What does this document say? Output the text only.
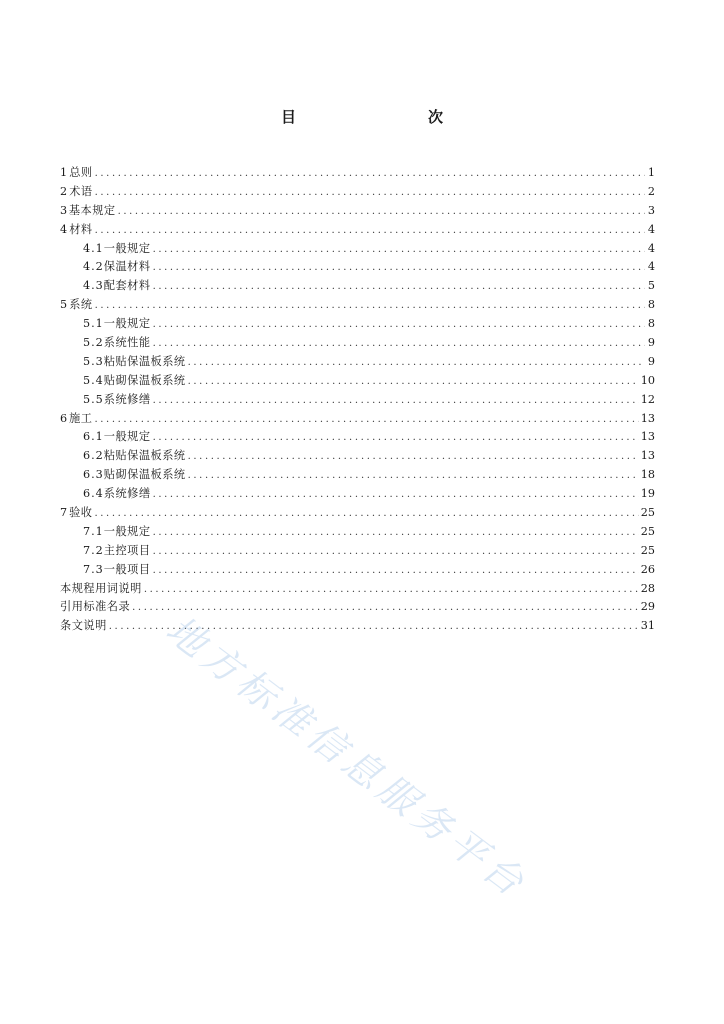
目　　次
1 总则 .....	1
2 术语 .....	2
3 基本规定 .....	3
4 材料 .....	4
4.1 一般规定 .....	4
4.2 保温材料 .....	4
4.3 配套材料 .....	5
5 系统 .....	8
5.1 一般规定 .....	8
5.2 系统性能 .....	9
5.3 粘贴保温板系统 .....	9
5.4 贴砌保温板系统 .....	10
5.5 系统修缮 .....	12
6 施工 .....	13
6.1 一般规定 .....	13
6.2 粘贴保温板系统 .....	13
6.3 贴砌保温板系统 .....	18
6.4 系统修缮 .....	19
7 验收 .....	25
7.1 一般规定 .....	25
7.2 主控项目 .....	25
7.3 一般项目 .....	26
本规程用词说明 .....	28
引用标准名录 .....	29
条文说明 .....	31
地方标准信息服务平台
